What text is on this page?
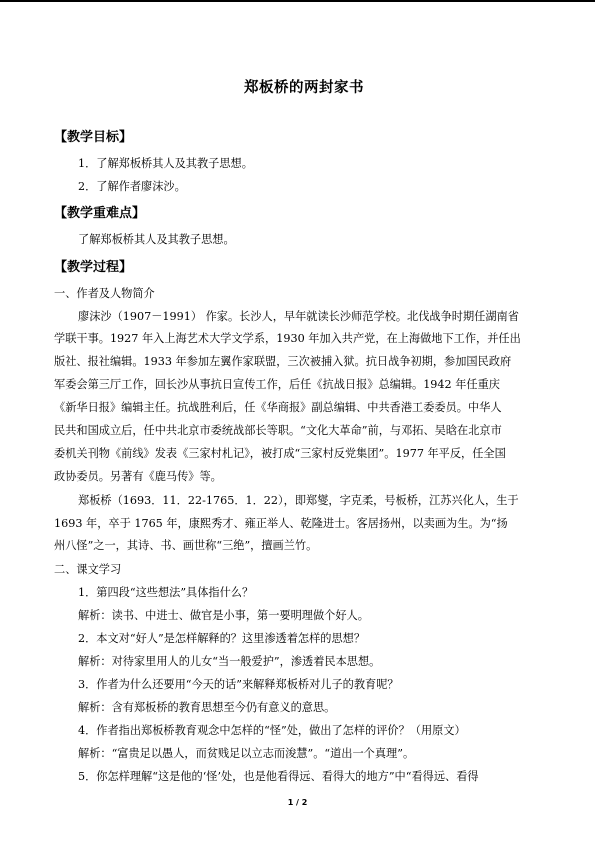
郑板桥的两封家书
【教学目标】
1．了解郑板桥其人及其教子思想。
2．了解作者廖沫沙。
【教学重难点】
了解郑板桥其人及其教子思想。
【教学过程】
一、作者及人物简介
廖沫沙（1907－1991） 作家。长沙人，早年就读长沙师范学校。北伐战争时期任湖南省
学联干事。1927 年入上海艺术大学文学系，1930 年加入共产党，在上海做地下工作，并任出
版社、报社编辑。1933 年参加左翼作家联盟，三次被捕入狱。抗日战争初期，参加国民政府
军委会第三厅工作，回长沙从事抗日宣传工作，后任《抗战日报》总编辑。1942 年任重庆
《新华日报》编辑主任。抗战胜利后，任《华商报》副总编辑、中共香港工委委员。中华人
民共和国成立后，任中共北京市委统战部长等职。“文化大革命”前，与邓拓、吴晗在北京市
委机关刊物《前线》发表《三家村札记》，被打成“三家村反党集团”。1977 年平反，任全国
政协委员。另著有《鹿马传》等。
郑板桥（1693．11．22-1765．1．22），即郑燮，字克柔，号板桥，江苏兴化人，生于
1693 年，卒于 1765 年，康熙秀才、雍正举人、乾隆进士。客居扬州，以卖画为生。为“扬
州八怪”之一，其诗、书、画世称“三绝”，擅画兰竹。
二、课文学习
1．第四段“这些想法”具体指什么？
解析：读书、中进士、做官是小事，第一要明理做个好人。
2．本文对“好人”是怎样解释的？这里渗透着怎样的思想？
解析：对待家里用人的儿女“当一般爱护”，渗透着民本思想。
3．作者为什么还要用“今天的话”来解释郑板桥对儿子的教育呢？
解析：含有郑板桥的教育思想至今仍有意义的意思。
4．作者指出郑板桥教育观念中怎样的“怪”处，做出了怎样的评价？（用原文）
解析：“富贵足以愚人，而贫贱足以立志而浚慧”。“道出一个真理”。
5．你怎样理解“这是他的‘怪’处，也是他看得远、看得大的地方”中“看得远、看得
1 / 2
